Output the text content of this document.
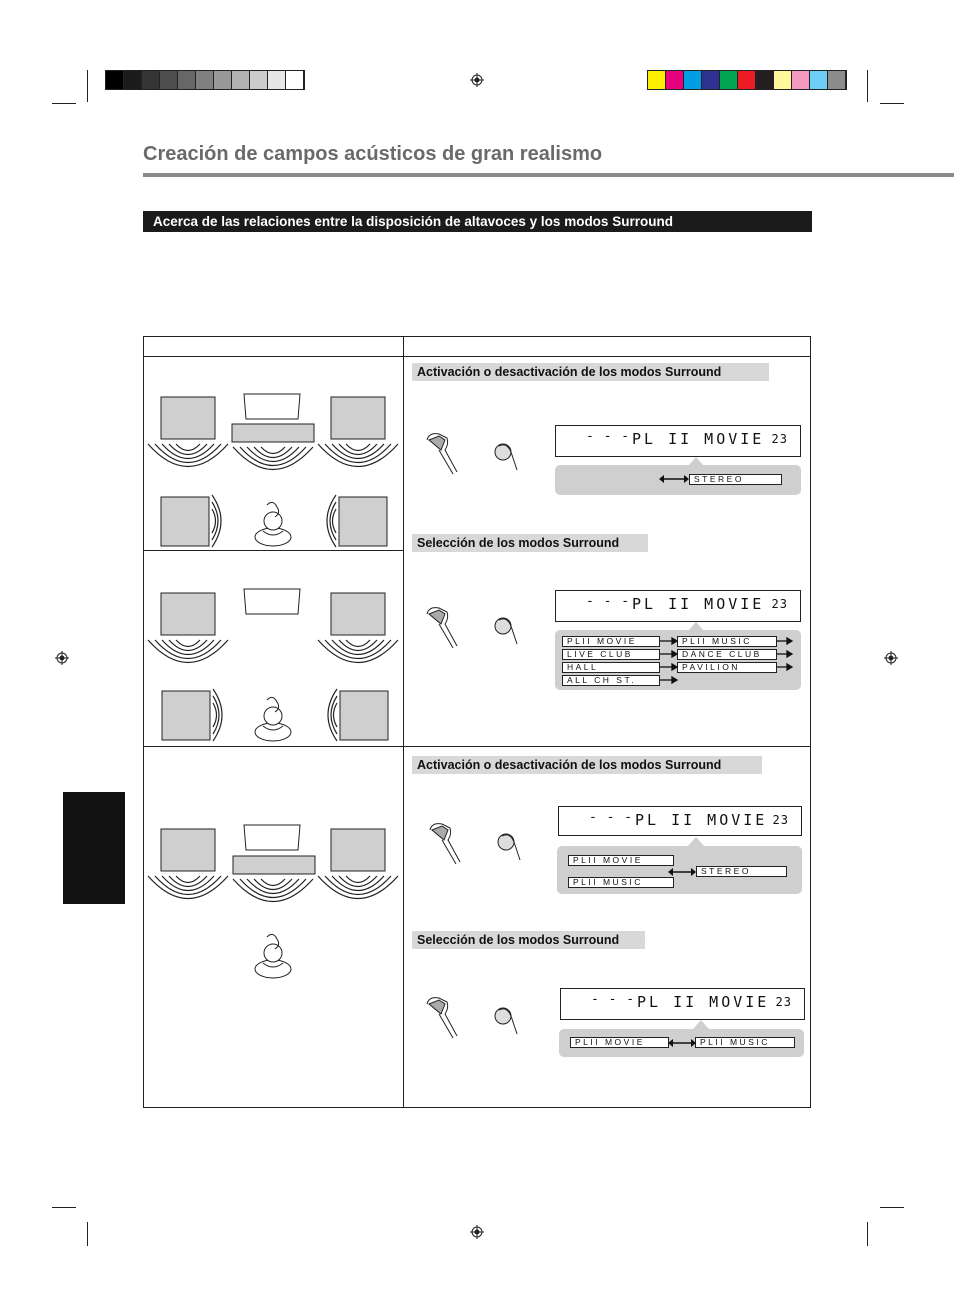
Creación de campos acústicos de gran realismo
Acerca de las relaciones entre la disposición de altavoces y los modos Surround
Activación o desactivación de los modos Surround
- - - PL II MOVIE 23
STEREO
Selección de los modos Surround
- - - PL II MOVIE 23
PLII MOVIE	PLII MUSIC
LIVE CLUB	DANCE CLUB
HALL	PAVILION
ALL CH ST.
Activación o desactivación de los modos Surround
- - - PL II MOVIE 23
PLII MOVIE
PLII MUSIC
STEREO
Selección de los modos Surround
- - - PL II MOVIE 23
PLII MOVIE	PLII MUSIC
